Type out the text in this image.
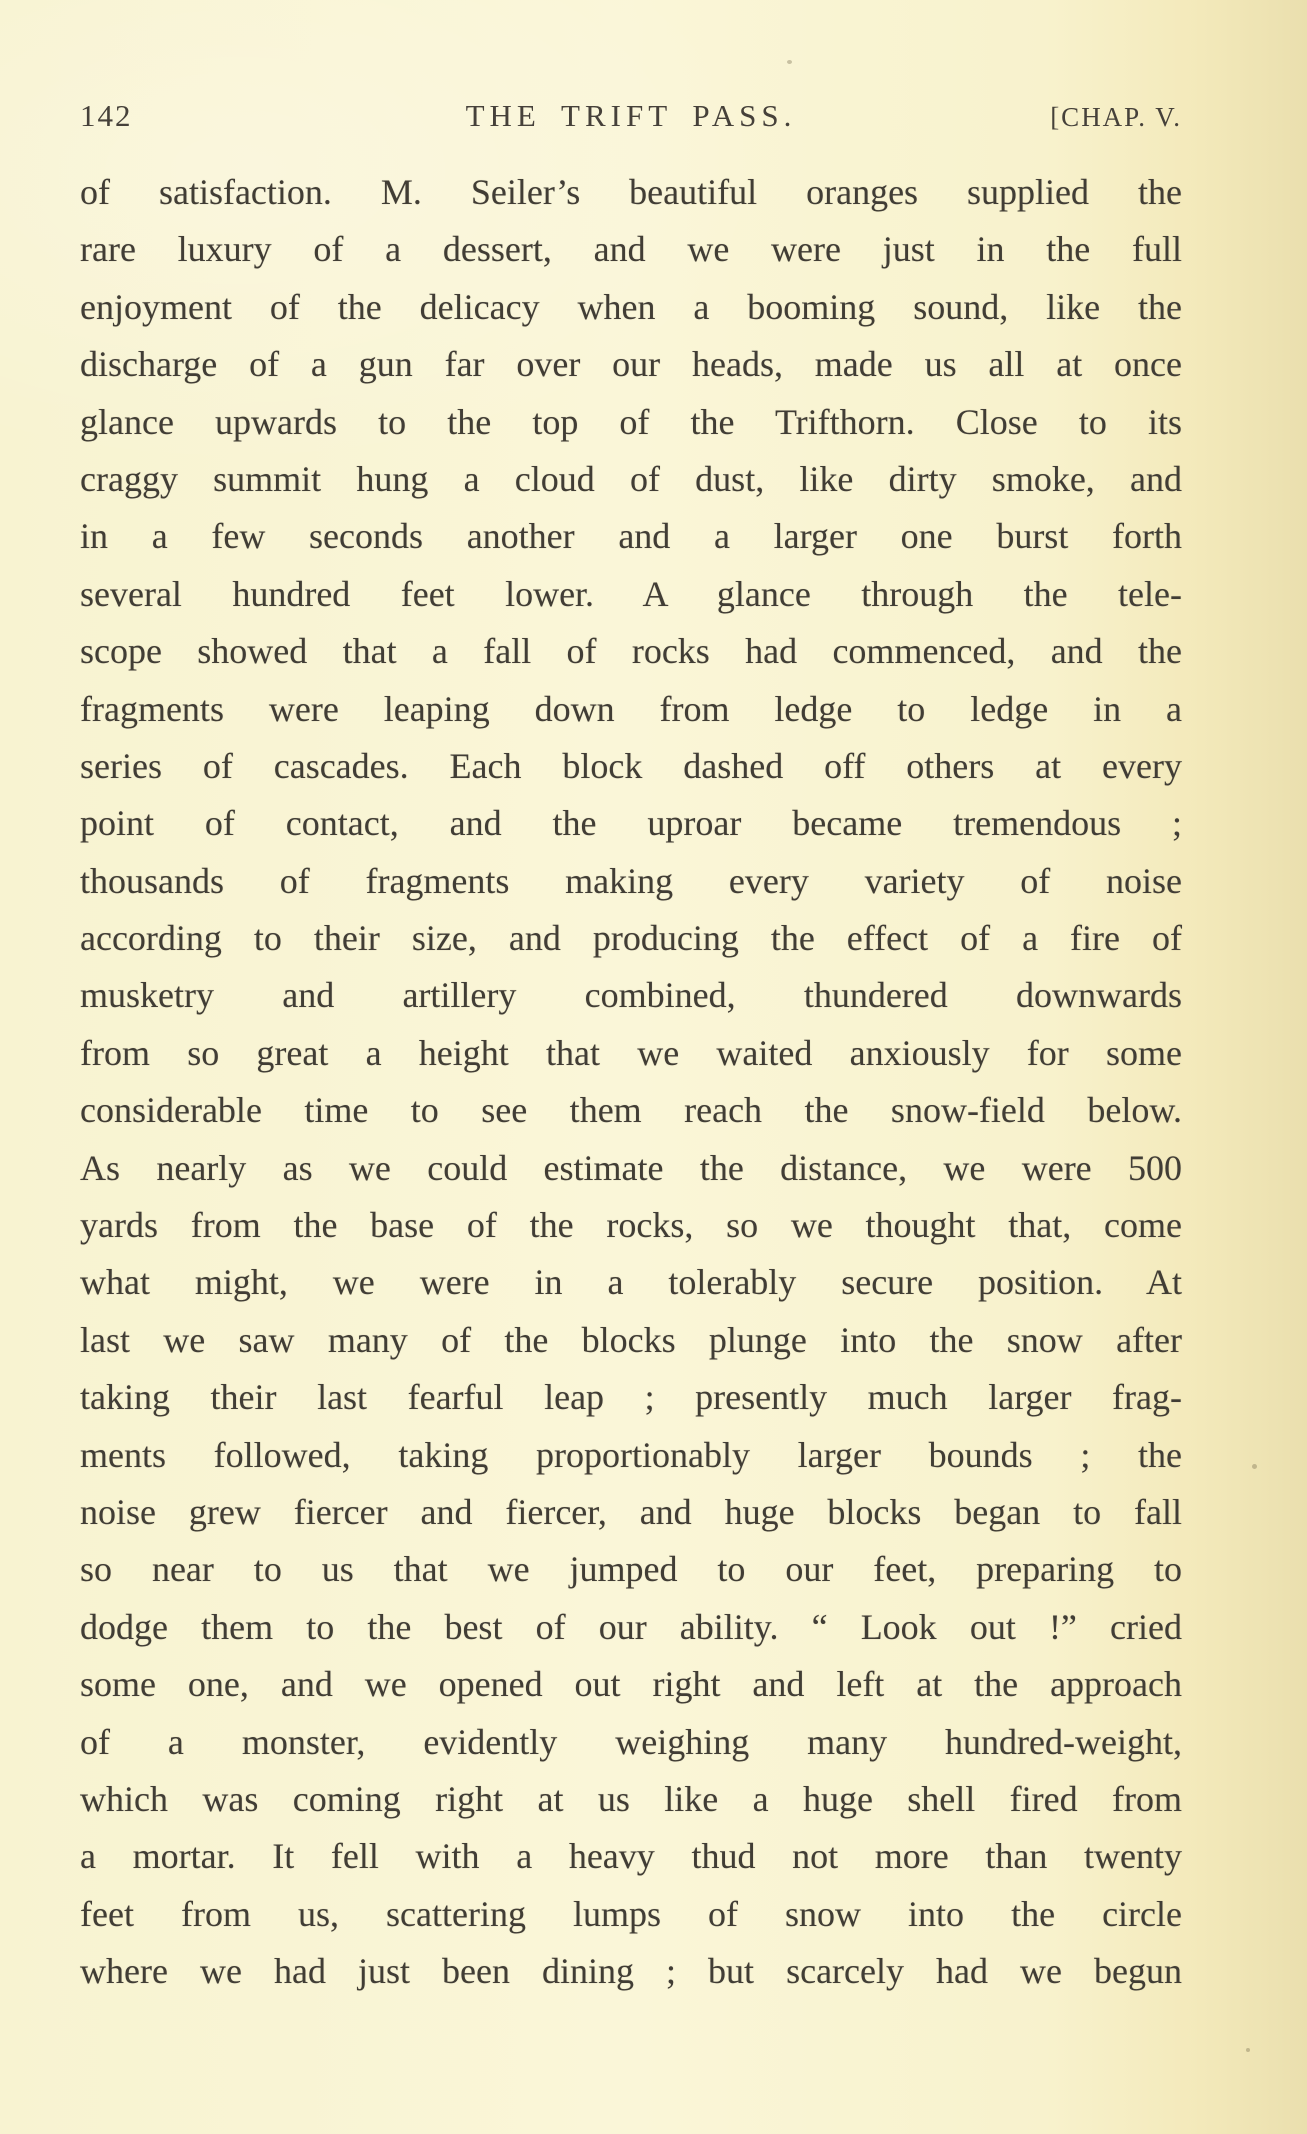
142	THE TRIFT PASS.	[CHAP. V.
of satisfaction. M. Seiler’s beautiful oranges supplied the
rare luxury of a dessert, and we were just in the full
enjoyment of the delicacy when a booming sound, like the
discharge of a gun far over our heads, made us all at once
glance upwards to the top of the Trifthorn. Close to its
craggy summit hung a cloud of dust, like dirty smoke, and
in a few seconds another and a larger one burst forth
several hundred feet lower. A glance through the tele-
scope showed that a fall of rocks had commenced, and the
fragments were leaping down from ledge to ledge in a
series of cascades. Each block dashed off others at every
point of contact, and the uproar became tremendous ;
thousands of fragments making every variety of noise
according to their size, and producing the effect of a fire of
musketry and artillery combined, thundered downwards
from so great a height that we waited anxiously for some
considerable time to see them reach the snow-field below.
As nearly as we could estimate the distance, we were 500
yards from the base of the rocks, so we thought that, come
what might, we were in a tolerably secure position. At
last we saw many of the blocks plunge into the snow after
taking their last fearful leap ; presently much larger frag-
ments followed, taking proportionably larger bounds ; the
noise grew fiercer and fiercer, and huge blocks began to fall
so near to us that we jumped to our feet, preparing to
dodge them to the best of our ability. “ Look out !” cried
some one, and we opened out right and left at the approach
of a monster, evidently weighing many hundred-weight,
which was coming right at us like a huge shell fired from
a mortar. It fell with a heavy thud not more than twenty
feet from us, scattering lumps of snow into the circle
where we had just been dining ; but scarcely had we begun
